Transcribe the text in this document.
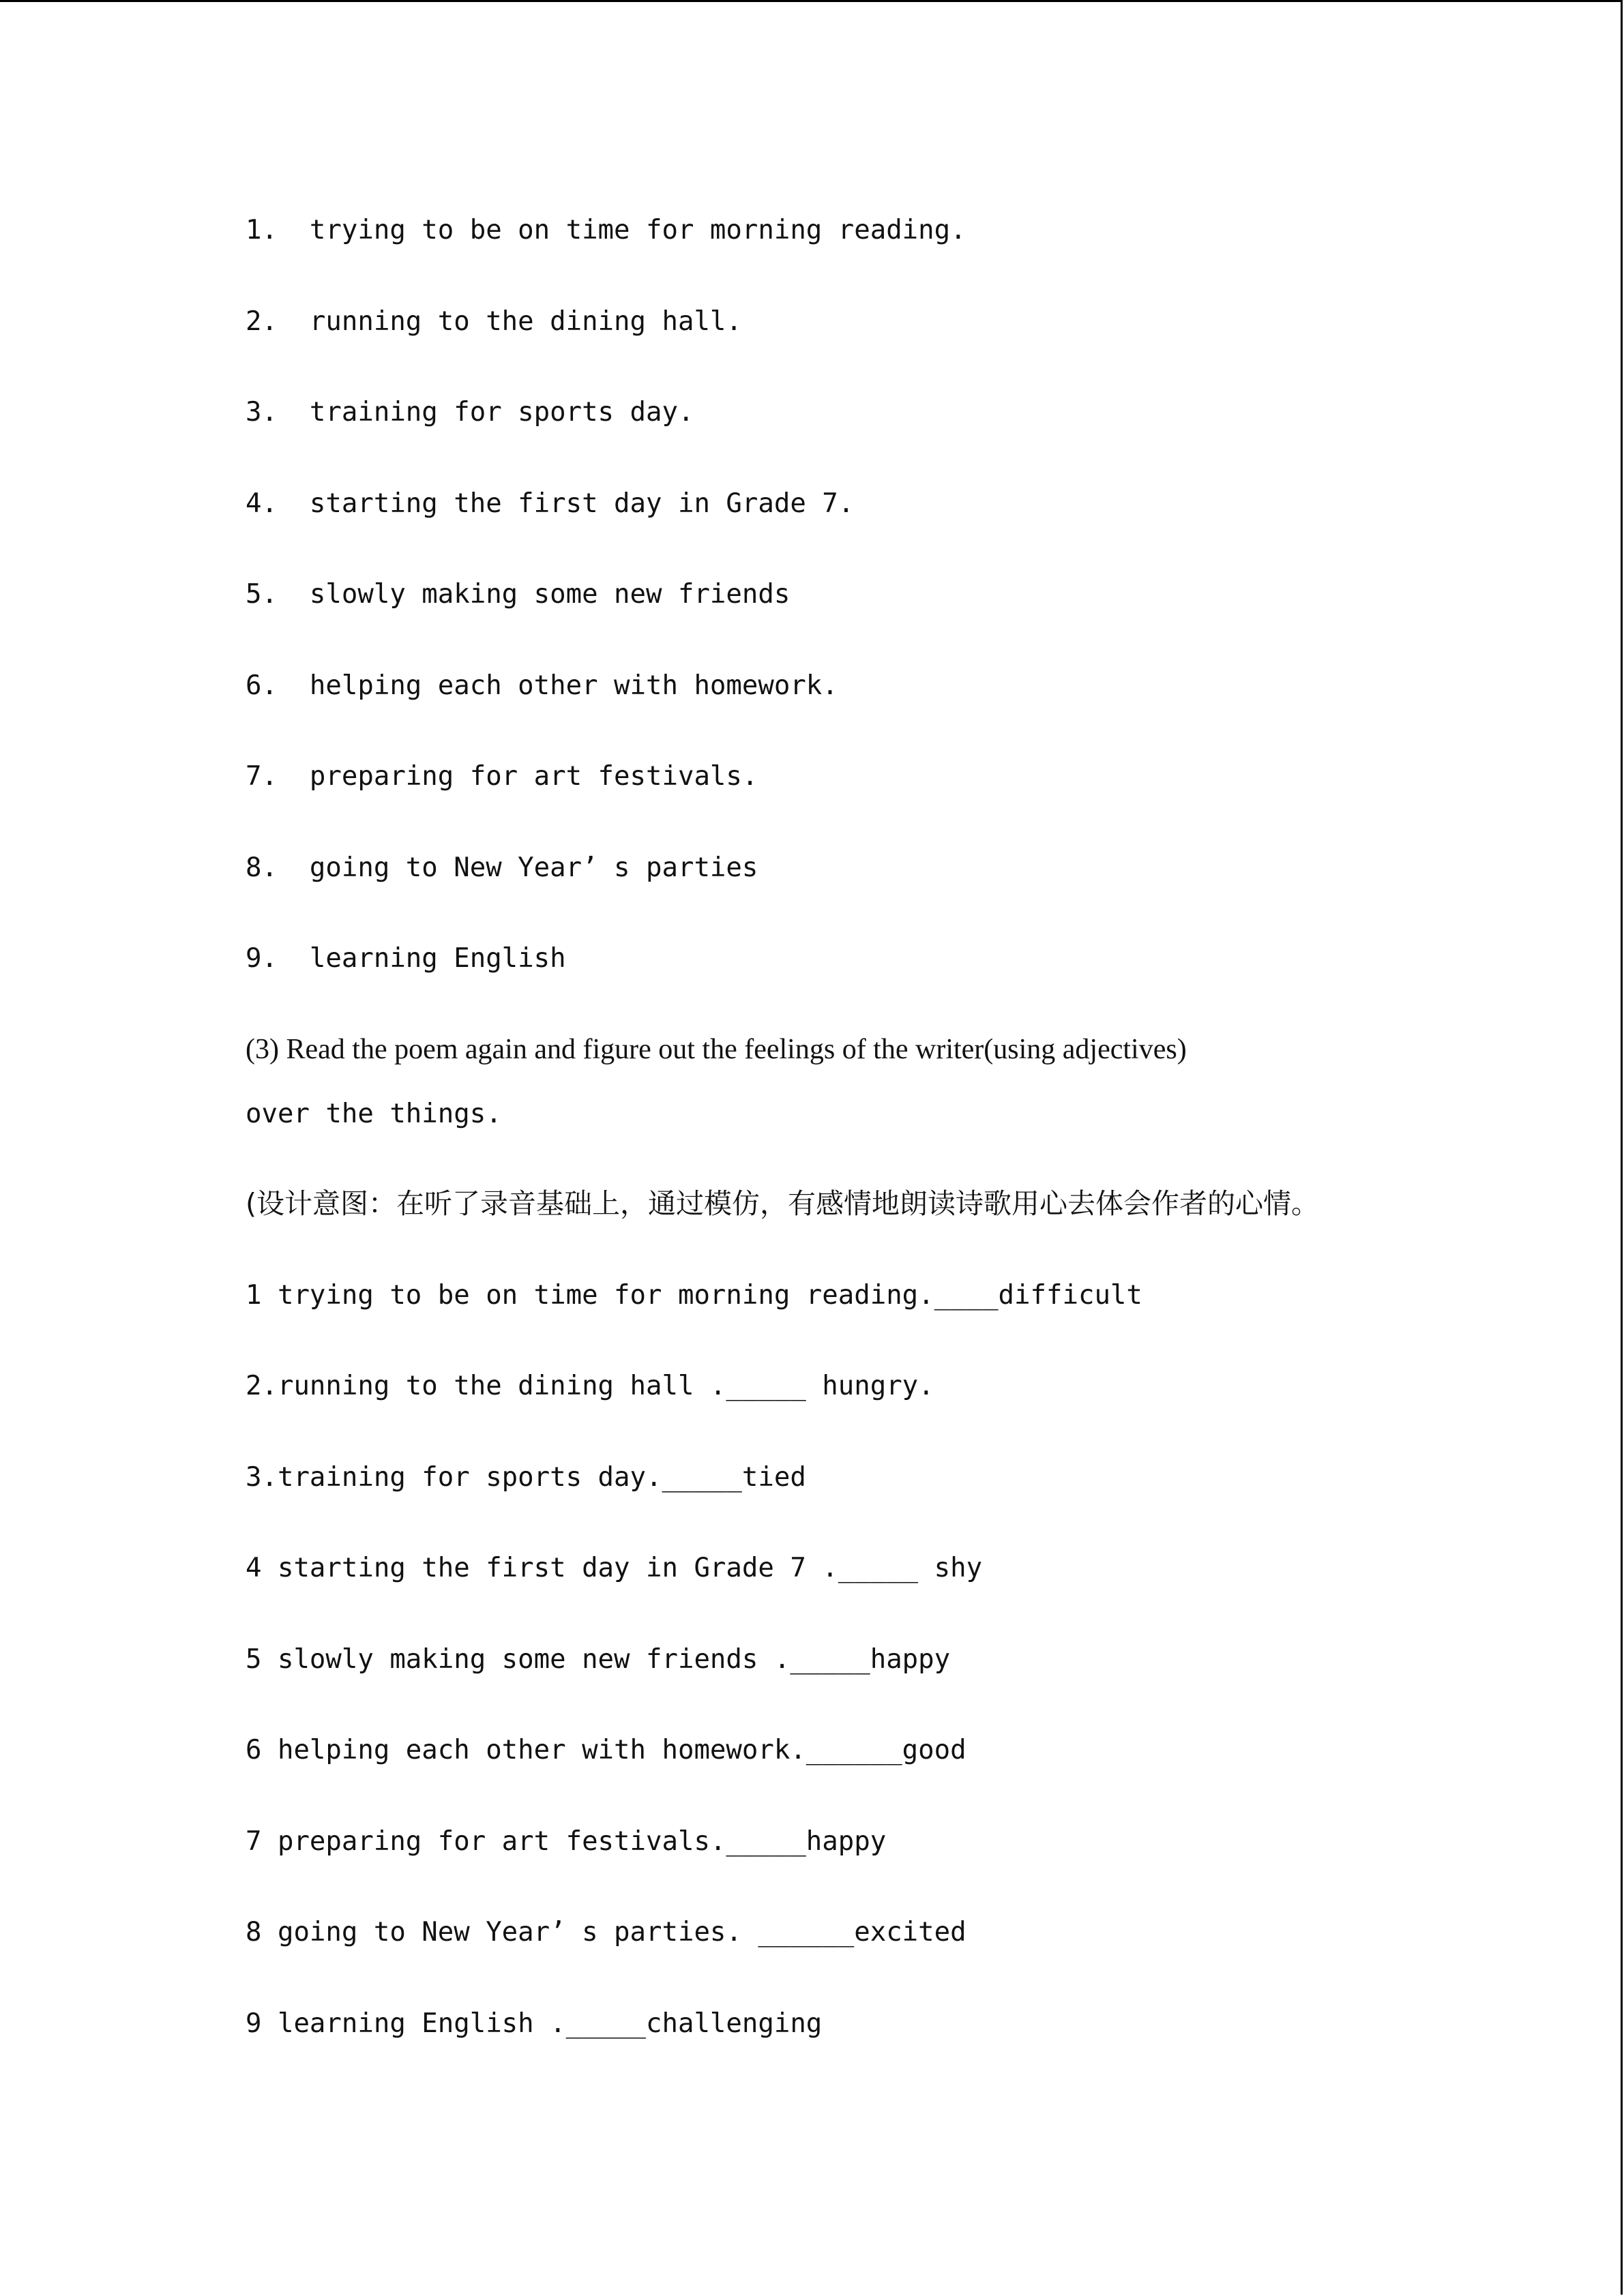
1.  trying to be on time for morning reading.
2.  running to the dining hall.
3.  training for sports day.
4.  starting the first day in Grade 7.
5.  slowly making some new friends
6.  helping each other with homework.
7.  preparing for art festivals.
8.  going to New Year’ s parties
9.  learning English
(3) Read the poem again and figure out the feelings of the writer(using adjectives)
over the things.
(设计意图：在听了录音基础上，通过模仿，有感情地朗读诗歌用心去体会作者的心情。
1 trying to be on time for morning reading.____difficult
2.running to the dining hall ._____ hungry.
3.training for sports day._____tied
4 starting the first day in Grade 7 ._____ shy
5 slowly making some new friends ._____happy
6 helping each other with homework.______good
7 preparing for art festivals._____happy
8 going to New Year’ s parties. ______excited
9 learning English ._____challenging
